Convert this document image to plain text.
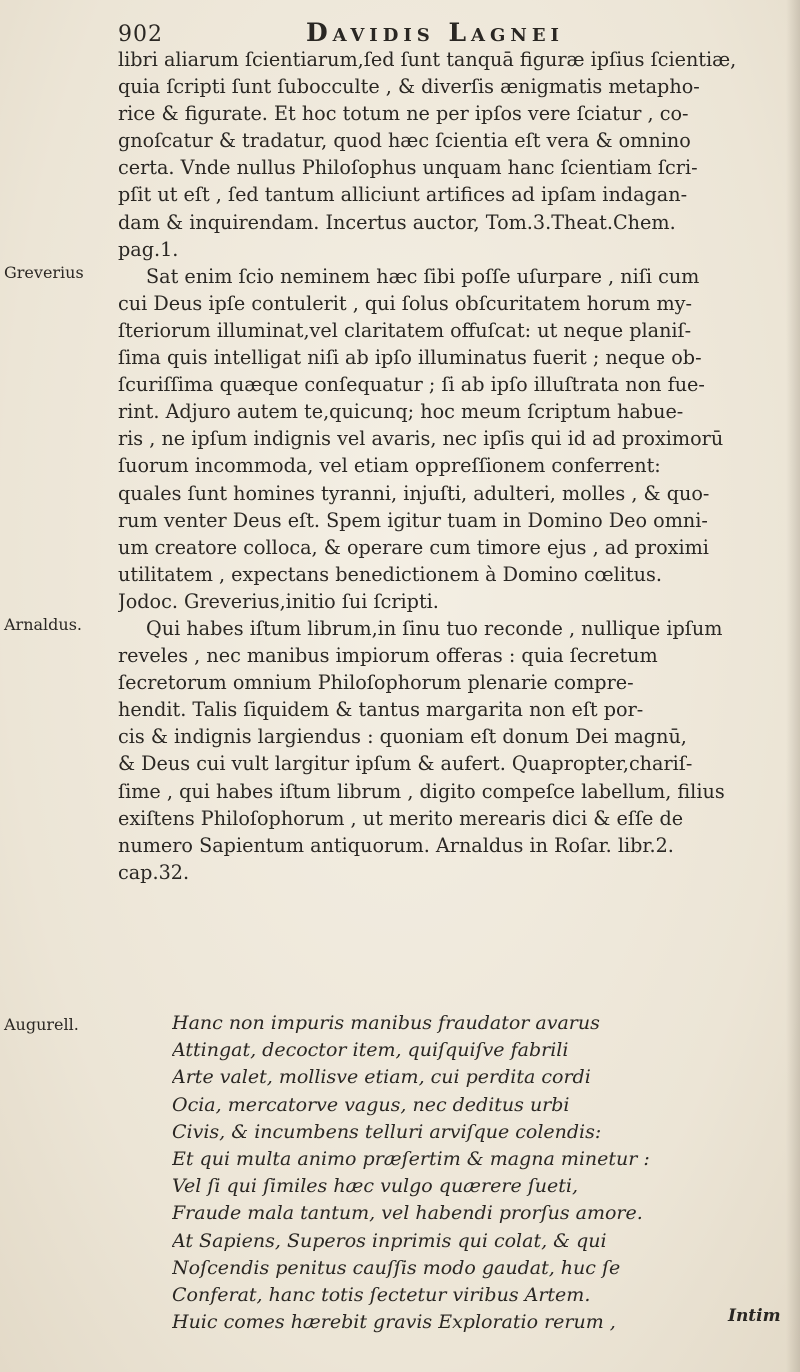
902	Davidis Lagnei
Greverius
Arnaldus.
Augurell.
libri aliarum ſcientiarum,ſed ſunt tanquā figuræ ipſius ſcientiæ,
quia ſcripti ſunt ſubocculte , & diverſis ænigmatis metapho-
rice & figurate. Et hoc totum ne per ipſos vere ſciatur , co-
gnoſcatur & tradatur, quod hæc ſcientia eſt vera & omnino
certa. Vnde nullus Philoſophus unquam hanc ſcientiam ſcri-
pſit ut eſt , ſed tantum alliciunt artifices ad ipſam indagan-
dam & inquirendam. Incertus auctor, Tom.3.Theat.Chem.
pag.1.
Sat enim ſcio neminem hæc ſibi poſſe uſurpare , niſi cum
cui Deus ipſe contulerit , qui ſolus obſcuritatem horum my-
ſteriorum illuminat,vel claritatem offuſcat: ut neque planiſ-
ſima quis intelligat niſi ab ipſo illuminatus fuerit ; neque ob-
ſcuriſſima quæque conſequatur ; ſi ab ipſo illuſtrata non fue-
rint. Adjuro autem te,quicunq; hoc meum ſcriptum habue-
ris , ne ipſum indignis vel avaris, nec ipſis qui id ad proximorū
ſuorum incommoda, vel etiam oppreſſionem conferrent:
quales ſunt homines tyranni, injuſti, adulteri, molles , & quo-
rum venter Deus eſt. Spem igitur tuam in Domino Deo omni-
um creatore colloca, & operare cum timore ejus , ad proximi
utilitatem , expectans benedictionem à Domino cœlitus.
Jodoc. Greverius,initio ſui ſcripti.
Qui habes iſtum librum,in ſinu tuo reconde , nullique ipſum
reveles , nec manibus impiorum offeras : quia ſecretum
ſecretorum omnium Philoſophorum plenarie compre-
hendit. Talis ſiquidem & tantus margarita non eſt por-
cis & indignis largiendus : quoniam eſt donum Dei magnū,
& Deus cui vult largitur ipſum & aufert. Quapropter,chariſ-
ſime , qui habes iſtum librum , digito compeſce labellum, filius
exiſtens Philoſophorum , ut merito merearis dici & eſſe de
numero Sapientum antiquorum. Arnaldus in Roſar. libr.2.
cap.32.
Hanc non impuris manibus fraudator avarus
Attingat, decoctor item, quiſquiſve fabrili
Arte valet, mollisve etiam, cui perdita cordi
Ocia, mercatorve vagus, nec deditus urbi
Civis, & incumbens telluri arviſque colendis:
Et qui multa animo præſertim & magna minetur :
Vel ſi qui ſimiles hæc vulgo quærere ſueti,
Fraude mala tantum, vel habendi prorſus amore.
At Sapiens, Superos inprimis qui colat, & qui
Noſcendis penitus cauſſis modo gaudat, huc ſe
Conferat, hanc totis ſectetur viribus Artem.
Huic comes hærebit gravis Exploratio rerum ,	Intim
